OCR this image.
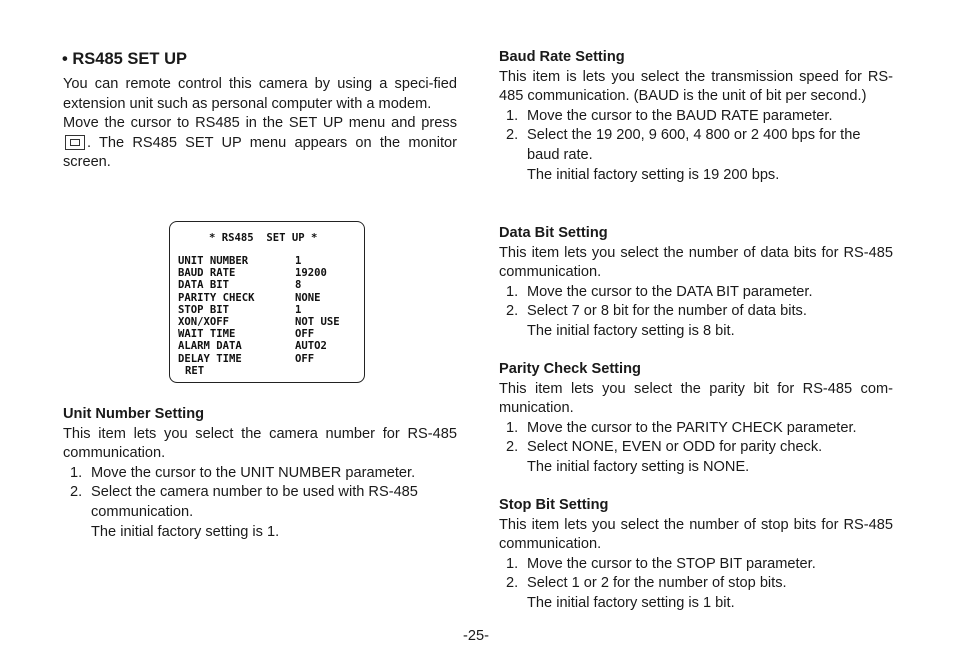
• RS485 SET UP

You can remote control this camera by using a speci-fied extension unit such as personal computer with a modem.

Move the cursor to RS485 in the SET UP menu and press . The RS485 SET UP menu appears on the monitor screen.

Unit Number Setting

This item lets you select the camera number for RS-485 communication.

1. Move the cursor to the UNIT NUMBER parameter.
2. Select the camera number to be used with RS-485 communication.

The initial factory setting is 1.

* RS485  SET UP *
UNIT NUMBER	1
BAUD RATE	19200
DATA BIT	8
PARITY CHECK	NONE
STOP BIT	1
XON/XOFF	NOT USE
WAIT TIME	OFF
ALARM DATA	AUTO2
DELAY TIME	OFF
RET

Baud Rate Setting

This item is lets you select the transmission speed for RS-485 communication. (BAUD is the unit of bit per second.)

1. Move the cursor to the BAUD RATE parameter.
2. Select the 19 200, 9 600, 4 800 or 2 400 bps for the baud rate.

The initial factory setting is 19 200 bps.

Data Bit Setting

This item lets you select the number of data bits for RS-485 communication.

1. Move the cursor to the DATA BIT parameter.
2. Select 7 or 8 bit for the number of data bits.

The initial factory setting is 8 bit.

Parity Check Setting

This item lets you select the parity bit for RS-485 com-munication.

1. Move the cursor to the PARITY CHECK parameter.
2. Select NONE, EVEN or ODD for parity check.

The initial factory setting is NONE.

Stop Bit Setting

This item lets you select the number of stop bits for RS-485 communication.

1. Move the cursor to the STOP BIT parameter.
2. Select 1 or 2 for the number of stop bits.

The initial factory setting is 1 bit.

-25-
